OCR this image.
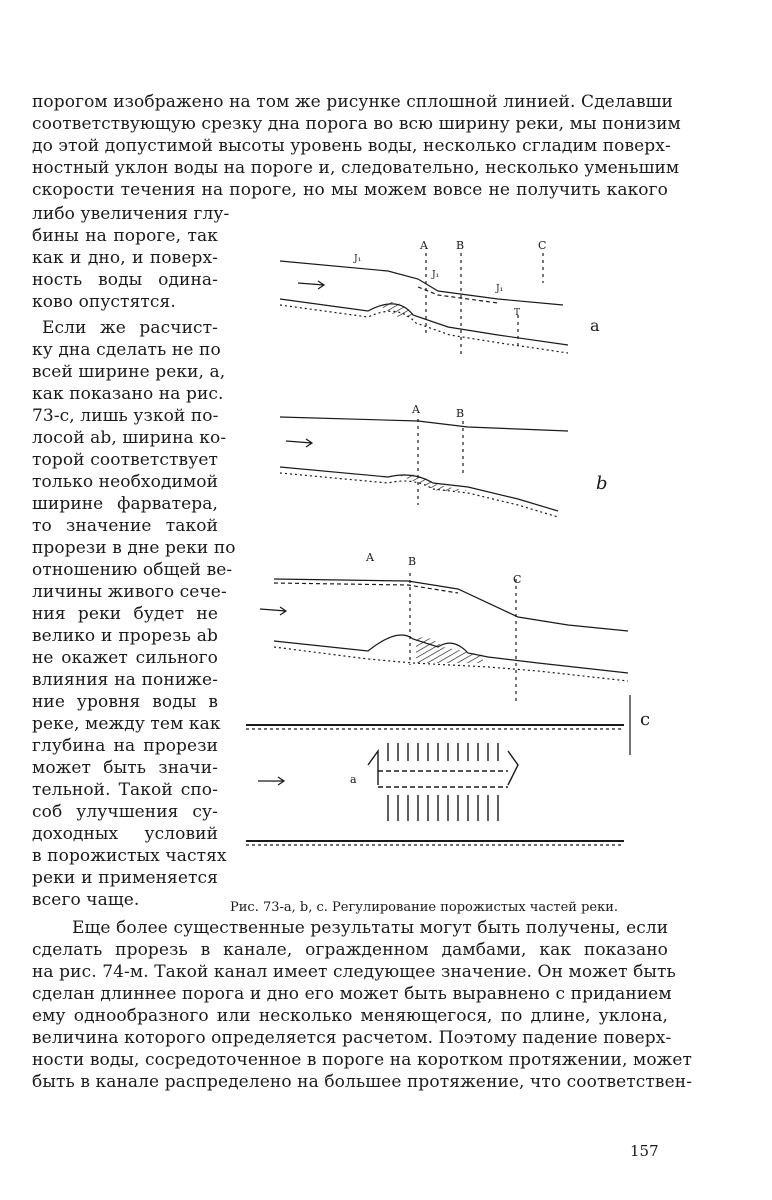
порогом изображено на том же рисунке сплошной линией. Сделавши

соответствующую срезку дна порога во всю ширину реки, мы понизим

до этой допустимой высоты уровень воды, несколько сгладим поверх-

ностный уклон воды на пороге и, следовательно, несколько уменьшим

скорости течения на пороге, но мы можем вовсе не получить какого

либо увеличения глу-

бины на пороге, так

как и дно, и поверх-

ность воды одина-

ково опустятся.

Если же расчист-

ку дна сделать не по

всей ширине реки, а,

как показано на рис.

73-с, лишь узкой по-

лосой ab, ширина ко-

торой соответствует

только необходимой

ширине фарватера,

то значение такой

прорези в дне реки по

отношению общей ве-

личины живого сече-

ния реки будет не

велико и прорезь ab

не окажет сильного

влияния на пониже-

ние уровня воды в

реке, между тем как

глубина на прорези

может быть значи-

тельной. Такой спо-

соб улучшения су-

доходных условий

в порожистых частях

реки и применяется

всего чаще.

Еще более существенные результаты могут быть получены, если

сделать прорезь в канале, огражденном дамбами, как показано

на рис. 74-м. Такой канал имеет следующее значение. Он может быть

сделан длиннее порога и дно его может быть выравнено с приданием

ему однообразного или несколько меняющегося, по длине, уклона,

величина которого определяется расчетом. Поэтому падение поверх-

ности воды, сосредоточенное в пороге на коротком протяжении, может

быть в канале распределено на большее протяжение, что соответствен-

A	B	C
J₁
J₁
J₁
T
a
A	B
b
A	B
C
c
a

Рис. 73-a, b, c. Регулирование порожистых частей реки.

157
